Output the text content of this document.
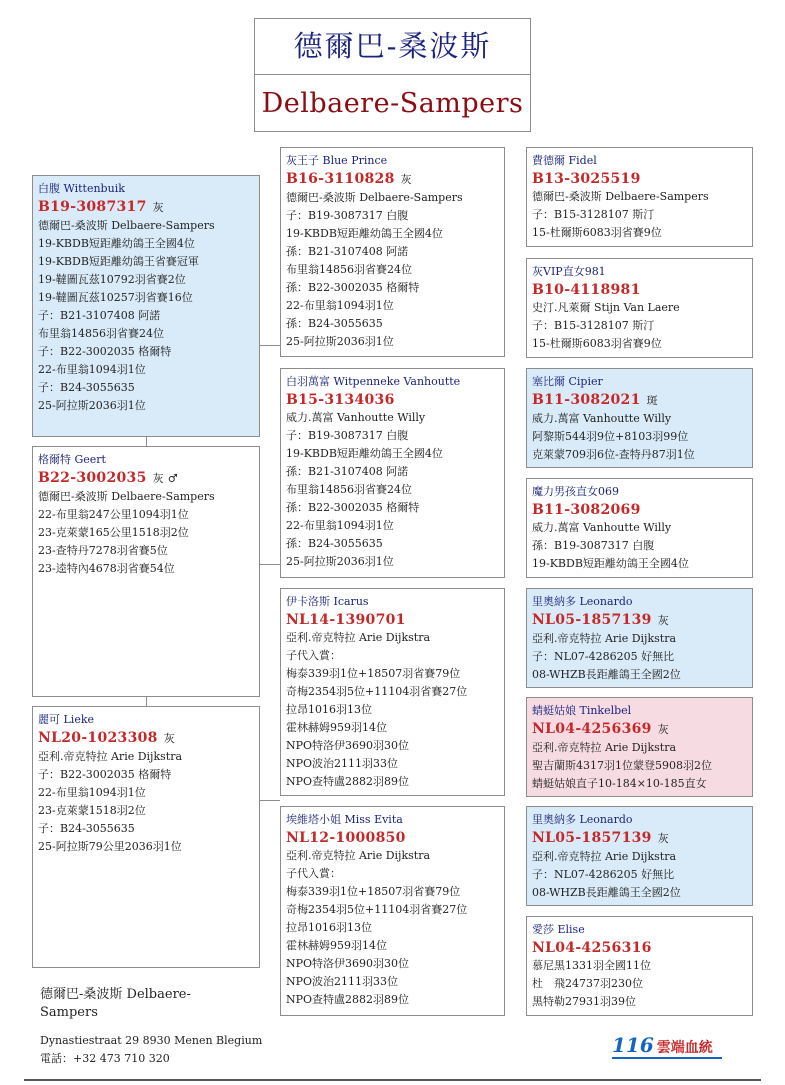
德爾巴-桑波斯
Delbaere-Sampers
白腹 Wittenbuik
B19-3087317 灰
德爾巴-桑波斯 Delbaere-Sampers
19-KBDB短距離幼鴿王全國4位
19-KBDB短距離幼鴿王省賽冠軍
19-韃圖瓦茲10792羽省賽2位
19-韃圖瓦茲10257羽省賽16位
子：B21-3107408 阿諾
布里翁14856羽省賽24位
子：B22-3002035 格爾特
22-布里翁1094羽1位
子：B24-3055635
25-阿拉斯2036羽1位
格爾特 Geert
B22-3002035 灰 ♂
德爾巴-桑波斯 Delbaere-Sampers
22-布里翁247公里1094羽1位
23-克萊蒙165公里1518羽2位
23-查特丹7278羽省賽5位
23-逵特內4678羽省賽54位
麗可 Lieke
NL20-1023308 灰
亞利.帝克特拉 Arie Dijkstra
子：B22-3002035 格爾特
22-布里翁1094羽1位
23-克萊蒙1518羽2位
子：B24-3055635
25-阿拉斯79公里2036羽1位
灰王子 Blue Prince
B16-3110828 灰
德爾巴-桑波斯 Delbaere-Sampers
子：B19-3087317 白腹
19-KBDB短距離幼鴿王全國4位
孫：B21-3107408 阿諾
布里翁14856羽省賽24位
孫：B22-3002035 格爾特
22-布里翁1094羽1位
孫：B24-3055635
25-阿拉斯2036羽1位
白羽萬富 Witpenneke Vanhoutte
B15-3134036
威力.萬富 Vanhoutte Willy
子：B19-3087317 白腹
19-KBDB短距離幼鴿王全國4位
孫：B21-3107408 阿諾
布里翁14856羽省賽24位
孫：B22-3002035 格爾特
22-布里翁1094羽1位
孫：B24-3055635
25-阿拉斯2036羽1位
伊卡洛斯 Icarus
NL14-1390701
亞利.帝克特拉 Arie Dijkstra
子代入賞：
梅泰339羽1位+18507羽省賽79位
奇梅2354羽5位+11104羽省賽27位
拉昂1016羽13位
霍林赫姆959羽14位
NPO特洛伊3690羽30位
NPO波治2111羽33位
NPO查特盧2882羽89位
埃維塔小姐 Miss Evita
NL12-1000850
亞利.帝克特拉 Arie Dijkstra
子代入賞：
梅泰339羽1位+18507羽省賽79位
奇梅2354羽5位+11104羽省賽27位
拉昂1016羽13位
霍林赫姆959羽14位
NPO特洛伊3690羽30位
NPO波治2111羽33位
NPO查特盧2882羽89位
費德爾 Fidel
B13-3025519
德爾巴-桑波斯 Delbaere-Sampers
子：B15-3128107 斯汀
15-杜爾斯6083羽省賽9位
灰VIP直女981
B10-4118981
史汀.凡萊爾 Stijn Van Laere
子：B15-3128107 斯汀
15-杜爾斯6083羽省賽9位
塞比爾 Cipier
B11-3082021 斑
威力.萬富 Vanhoutte Willy
阿黎斯544羽9位+8103羽99位
克萊蒙709羽6位-查特丹87羽1位
魔力男孩直女069
B11-3082069
威力.萬富 Vanhoutte Willy
孫：B19-3087317 白腹
19-KBDB短距離幼鴿王全國4位
里奧納多 Leonardo
NL05-1857139 灰
亞利.帝克特拉 Arie Dijkstra
子：NL07-4286205 好無比
08-WHZB長距離鴿王全國2位
蜻蜓姑娘 Tinkelbel
NL04-4256369 灰
亞利.帝克特拉 Arie Dijkstra
聖吉蘭斯4317羽1位蒙登5908羽2位
蜻蜓姑娘直子10-184×10-185直女
里奧納多 Leonardo
NL05-1857139 灰
亞利.帝克特拉 Arie Dijkstra
子：NL07-4286205 好無比
08-WHZB長距離鴿王全國2位
愛莎 Elise
NL04-4256316
慕尼黑1331羽全國11位
杜　飛24737羽230位
黑特勒27931羽39位
德爾巴-桑波斯 Delbaere-Sampers
Dynastiestraat 29 8930 Menen Blegium
電話：+32 473 710 320
116 雲端血統
